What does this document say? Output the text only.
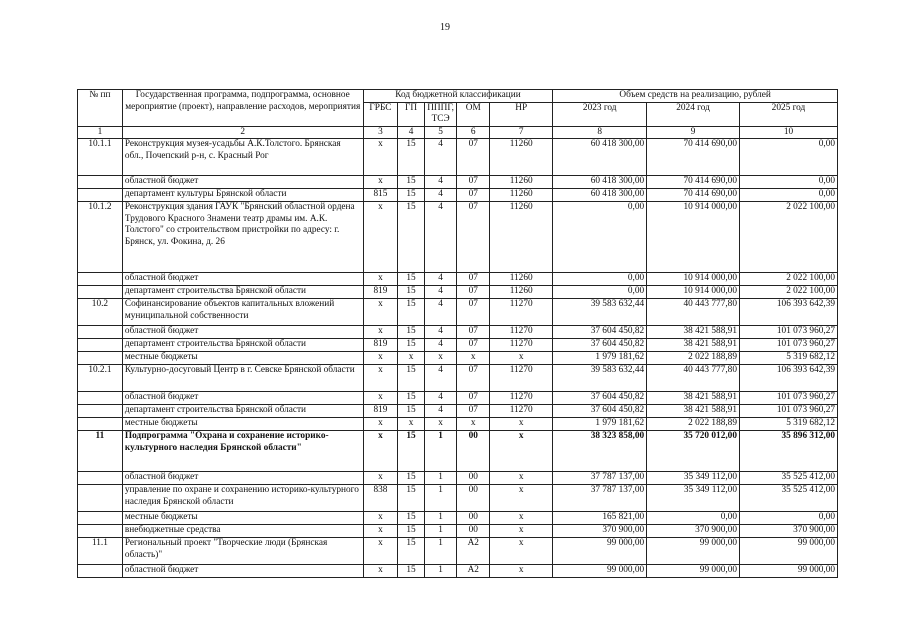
19
№ пп	Государственная программа, подпрограмма, основное мероприятие (проект), направление расходов, мероприятия	Код бюджетной классификации					Объем средств на реализацию, рублей		
		ГРБС	ГП	ПППГ, ТСЭ	ОМ	НР	2023 год	2024 год	2025 год
1	2	3	4	5	6	7	8	9	10
10.1.1	Реконструкция музея-усадьбы А.К.Толстого. Брянская обл., Почепский р-н, с. Красный Рог	х	15	4	07	11260	60 418 300,00	70 414 690,00	0,00
	областной бюджет	х	15	4	07	11260	60 418 300,00	70 414 690,00	0,00
	департамент культуры Брянской области	815	15	4	07	11260	60 418 300,00	70 414 690,00	0,00
10.1.2	Реконструкция здания ГАУК "Брянский областной ордена Трудового Красного Знамени театр драмы им. А.К. Толстого" со строительством пристройки по адресу: г. Брянск, ул. Фокина, д. 26	х	15	4	07	11260	0,00	10 914 000,00	2 022 100,00
	областной бюджет	х	15	4	07	11260	0,00	10 914 000,00	2 022 100,00
	департамент строительства Брянской области	819	15	4	07	11260	0,00	10 914 000,00	2 022 100,00
10.2	Софинансирование объектов капитальных вложений муниципальной собственности	х	15	4	07	11270	39 583 632,44	40 443 777,80	106 393 642,39
	областной бюджет	х	15	4	07	11270	37 604 450,82	38 421 588,91	101 073 960,27
	департамент строительства Брянской области	819	15	4	07	11270	37 604 450,82	38 421 588,91	101 073 960,27
	местные бюджеты	х	х	х	х	х	1 979 181,62	2 022 188,89	5 319 682,12
10.2.1	Культурно-досуговый Центр в г. Севске Брянской области	х	15	4	07	11270	39 583 632,44	40 443 777,80	106 393 642,39
	областной бюджет	х	15	4	07	11270	37 604 450,82	38 421 588,91	101 073 960,27
	департамент строительства Брянской области	819	15	4	07	11270	37 604 450,82	38 421 588,91	101 073 960,27
	местные бюджеты	х	х	х	х	х	1 979 181,62	2 022 188,89	5 319 682,12
11	Подпрограмма "Охрана и сохранение историко-культурного наследия Брянской области"	х	15	1	00	х	38 323 858,00	35 720 012,00	35 896 312,00
	областной бюджет	х	15	1	00	х	37 787 137,00	35 349 112,00	35 525 412,00
	управление по охране и сохранению историко-культурного наследия Брянской области	838	15	1	00	х	37 787 137,00	35 349 112,00	35 525 412,00
	местные бюджеты	х	15	1	00	х	165 821,00	0,00	0,00
	внебюджетные средства	х	15	1	00	х	370 900,00	370 900,00	370 900,00
11.1	Региональный проект "Творческие люди (Брянская область)"	х	15	1	А2	х	99 000,00	99 000,00	99 000,00
	областной бюджет	х	15	1	А2	х	99 000,00	99 000,00	99 000,00
